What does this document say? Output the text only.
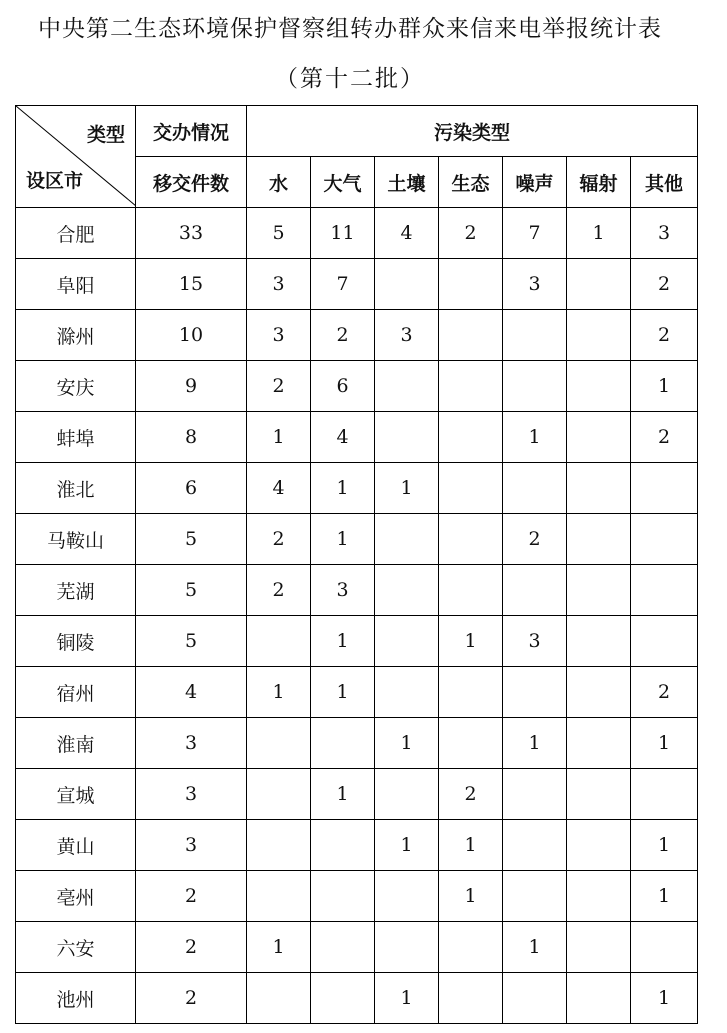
中央第二生态环境保护督察组转办群众来信来电举报统计表
（第十二批）
类型
设区市	交办情况	污染类型						
	移交件数	水	大气	土壤	生态	噪声	辐射	其他
合肥	33	5	11	4	2	7	1	3
阜阳	15	3	7			3		2
滁州	10	3	2	3				2
安庆	9	2	6					1
蚌埠	8	1	4			1		2
淮北	6	4	1	1				
马鞍山	5	2	1			2		
芜湖	5	2	3					
铜陵	5		1		1	3		
宿州	4	1	1					2
淮南	3			1		1		1
宣城	3		1		2			
黄山	3			1	1			1
亳州	2				1			1
六安	2	1				1		
池州	2			1				1
